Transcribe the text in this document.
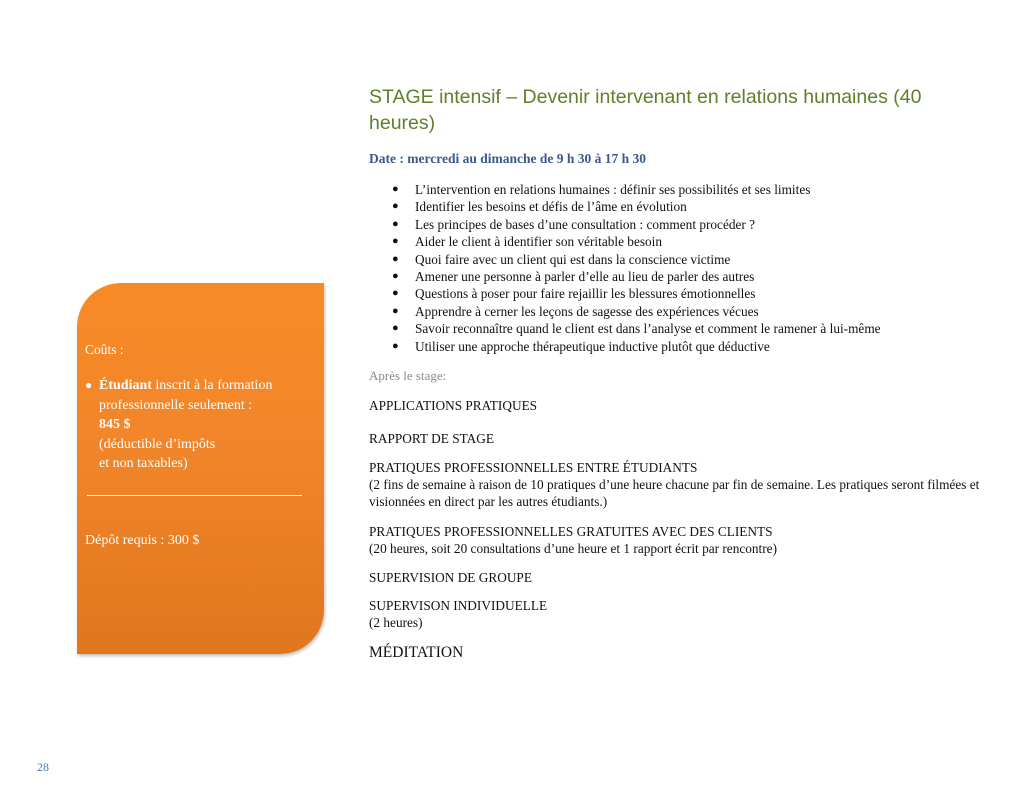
STAGE intensif – Devenir intervenant en relations humaines (40 heures)
Date : mercredi au dimanche de 9 h 30 à 17 h 30
● L’intervention en relations humaines : définir ses possibilités et ses limites
● Identifier les besoins et défis de l’âme en évolution
● Les principes de bases d’une consultation : comment procéder ?
● Aider le client à identifier son véritable besoin
● Quoi faire avec un client qui est dans la conscience victime
● Amener une personne à parler d’elle au lieu de parler des autres
● Questions à poser pour faire rejaillir les blessures émotionnelles
● Apprendre à cerner les leçons de sagesse des expériences vécues
● Savoir reconnaître quand le client est dans l’analyse et comment le ramener à lui-même
● Utiliser une approche thérapeutique inductive plutôt que déductive
Après le stage:

APPLICATIONS PRATIQUES

RAPPORT DE STAGE

PRATIQUES PROFESSIONNELLES ENTRE ÉTUDIANTS
(2 fins de semaine à raison de 10 pratiques d’une heure chacune par fin de semaine. Les pratiques seront filmées et visionnées en direct par les autres étudiants.)

PRATIQUES PROFESSIONNELLES GRATUITES AVEC DES CLIENTS
(20 heures, soit 20 consultations d’une heure et 1 rapport écrit par rencontre)

SUPERVISION DE GROUPE

SUPERVISON INDIVIDUELLE
(2 heures)

MÉDITATION

Coûts :
● Étudiant inscrit à la formation professionnelle seulement :
845 $
(déductible d’impôts
et non taxables)
Dépôt requis : 300 $
28
